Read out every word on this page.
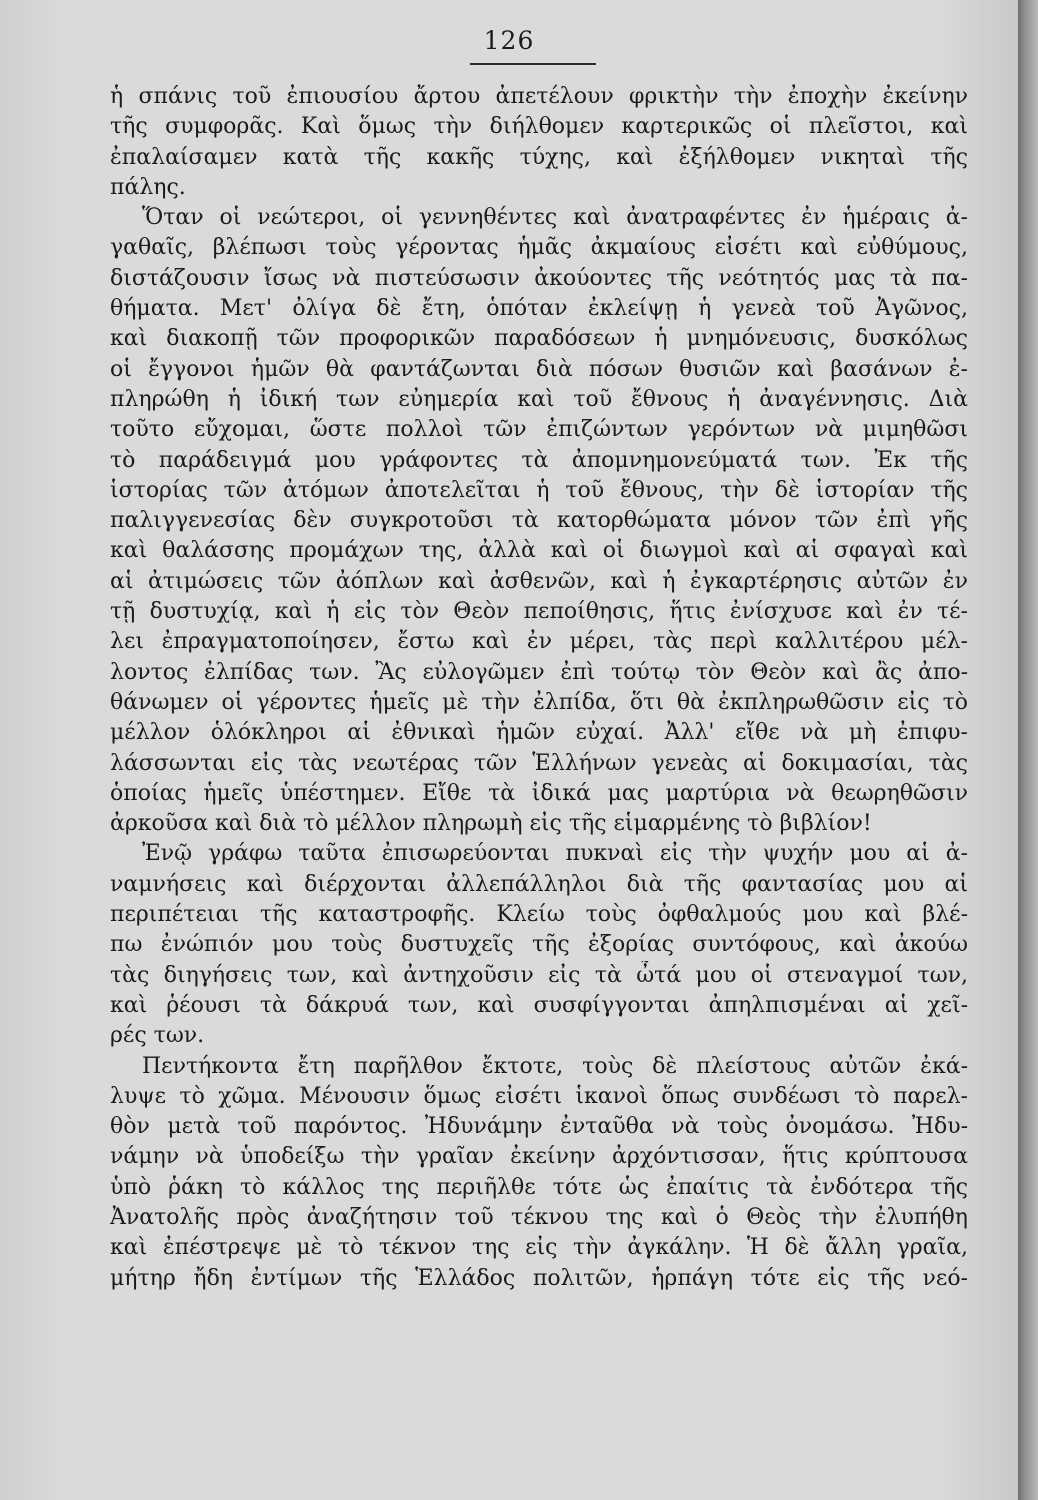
126
ἡ σπάνις τοῦ ἐπιουσίου ἄρτου ἀπετέλουν φρικτὴν τὴν ἐποχὴν ἐκείνην
τῆς συμφορᾶς. Καὶ ὅμως τὴν διήλθομεν καρτερικῶς οἱ πλεῖστοι, καὶ
ἐπαλαίσαμεν κατὰ τῆς κακῆς τύχης, καὶ ἐξήλθομεν νικηταὶ τῆς
πάλης.
Ὅταν οἱ νεώτεροι, οἱ γεννηθέντες καὶ ἀνατραφέντες ἐν ἡμέραις ἀ-
γαθαῖς, βλέπωσι τοὺς γέροντας ἡμᾶς ἀκμαίους εἰσέτι καὶ εὐθύμους,
διστάζουσιν ἴσως νὰ πιστεύσωσιν ἀκούοντες τῆς νεότητός μας τὰ πα-
θήματα. Μετ' ὀλίγα δὲ ἔτη, ὁπόταν ἐκλείψῃ ἡ γενεὰ τοῦ Ἀγῶνος,
καὶ διακοπῇ τῶν προφορικῶν παραδόσεων ἡ μνημόνευσις, δυσκόλως
οἱ ἔγγονοι ἡμῶν θὰ φαντάζωνται διὰ πόσων θυσιῶν καὶ βασάνων ἐ-
πληρώθη ἡ ἰδική των εὐημερία καὶ τοῦ ἔθνους ἡ ἀναγέννησις. Διὰ
τοῦτο εὔχομαι, ὥστε πολλοὶ τῶν ἐπιζώντων γερόντων νὰ μιμηθῶσι
τὸ παράδειγμά μου γράφοντες τὰ ἀπομνημονεύματά των. Ἐκ τῆς
ἱστορίας τῶν ἀτόμων ἀποτελεῖται ἡ τοῦ ἔθνους, τὴν δὲ ἱστορίαν τῆς
παλιγγενεσίας δὲν συγκροτοῦσι τὰ κατορθώματα μόνον τῶν ἐπὶ γῆς
καὶ θαλάσσης προμάχων της, ἀλλὰ καὶ οἱ διωγμοὶ καὶ αἱ σφαγαὶ καὶ
αἱ ἀτιμώσεις τῶν ἀόπλων καὶ ἀσθενῶν, καὶ ἡ ἐγκαρτέρησις αὐτῶν ἐν
τῇ δυστυχίᾳ, καὶ ἡ εἰς τὸν Θεὸν πεποίθησις, ἥτις ἐνίσχυσε καὶ ἐν τέ-
λει ἐπραγματοποίησεν, ἔστω καὶ ἐν μέρει, τὰς περὶ καλλιτέρου μέλ-
λοντος ἐλπίδας των. Ἂς εὐλογῶμεν ἐπὶ τούτῳ τὸν Θεὸν καὶ ἂς ἀπο-
θάνωμεν οἱ γέροντες ἡμεῖς μὲ τὴν ἐλπίδα, ὅτι θὰ ἐκπληρωθῶσιν εἰς τὸ
μέλλον ὁλόκληροι αἱ ἐθνικαὶ ἡμῶν εὐχαί. Ἀλλ' εἴθε νὰ μὴ ἐπιφυ-
λάσσωνται εἰς τὰς νεωτέρας τῶν Ἑλλήνων γενεὰς αἱ δοκιμασίαι, τὰς
ὁποίας ἡμεῖς ὑπέστημεν. Εἴθε τὰ ἰδικά μας μαρτύρια νὰ θεωρηθῶσιν
ἀρκοῦσα καὶ διὰ τὸ μέλλον πληρωμὴ εἰς τῆς εἱμαρμένης τὸ βιβλίον!
Ἐνῷ γράφω ταῦτα ἐπισωρεύονται πυκναὶ εἰς τὴν ψυχήν μου αἱ ἀ-
ναμνήσεις καὶ διέρχονται ἀλλεπάλληλοι διὰ τῆς φαντασίας μου αἱ
περιπέτειαι τῆς καταστροφῆς. Κλείω τοὺς ὀφθαλμούς μου καὶ βλέ-
πω ἐνώπιόν μου τοὺς δυστυχεῖς τῆς ἐξορίας συντόφους, καὶ ἀκούω
τὰς διηγήσεις των, καὶ ἀντηχοῦσιν εἰς τὰ ὦτά μου οἱ στεναγμοί των,
καὶ ῥέουσι τὰ δάκρυά των, καὶ συσφίγγονται ἀπηλπισμέναι αἱ χεῖ-
ρές των.
Πεντήκοντα ἔτη παρῆλθον ἔκτοτε, τοὺς δὲ πλείστους αὐτῶν ἐκά-
λυψε τὸ χῶμα. Μένουσιν ὅμως εἰσέτι ἱκανοὶ ὅπως συνδέωσι τὸ παρελ-
θὸν μετὰ τοῦ παρόντος. Ἠδυνάμην ἐνταῦθα νὰ τοὺς ὀνομάσω. Ἠδυ-
νάμην νὰ ὑποδείξω τὴν γραῖαν ἐκείνην ἀρχόντισσαν, ἥτις κρύπτουσα
ὑπὸ ῥάκη τὸ κάλλος της περιῆλθε τότε ὡς ἐπαίτις τὰ ἐνδότερα τῆς
Ἀνατολῆς πρὸς ἀναζήτησιν τοῦ τέκνου της καὶ ὁ Θεὸς τὴν ἐλυπήθη
καὶ ἐπέστρεψε μὲ τὸ τέκνον της εἰς τὴν ἀγκάλην. Ἡ δὲ ἄλλη γραῖα,
μήτηρ ἤδη ἐντίμων τῆς Ἑλλάδος πολιτῶν, ἡρπάγη τότε εἰς τῆς νεό-
